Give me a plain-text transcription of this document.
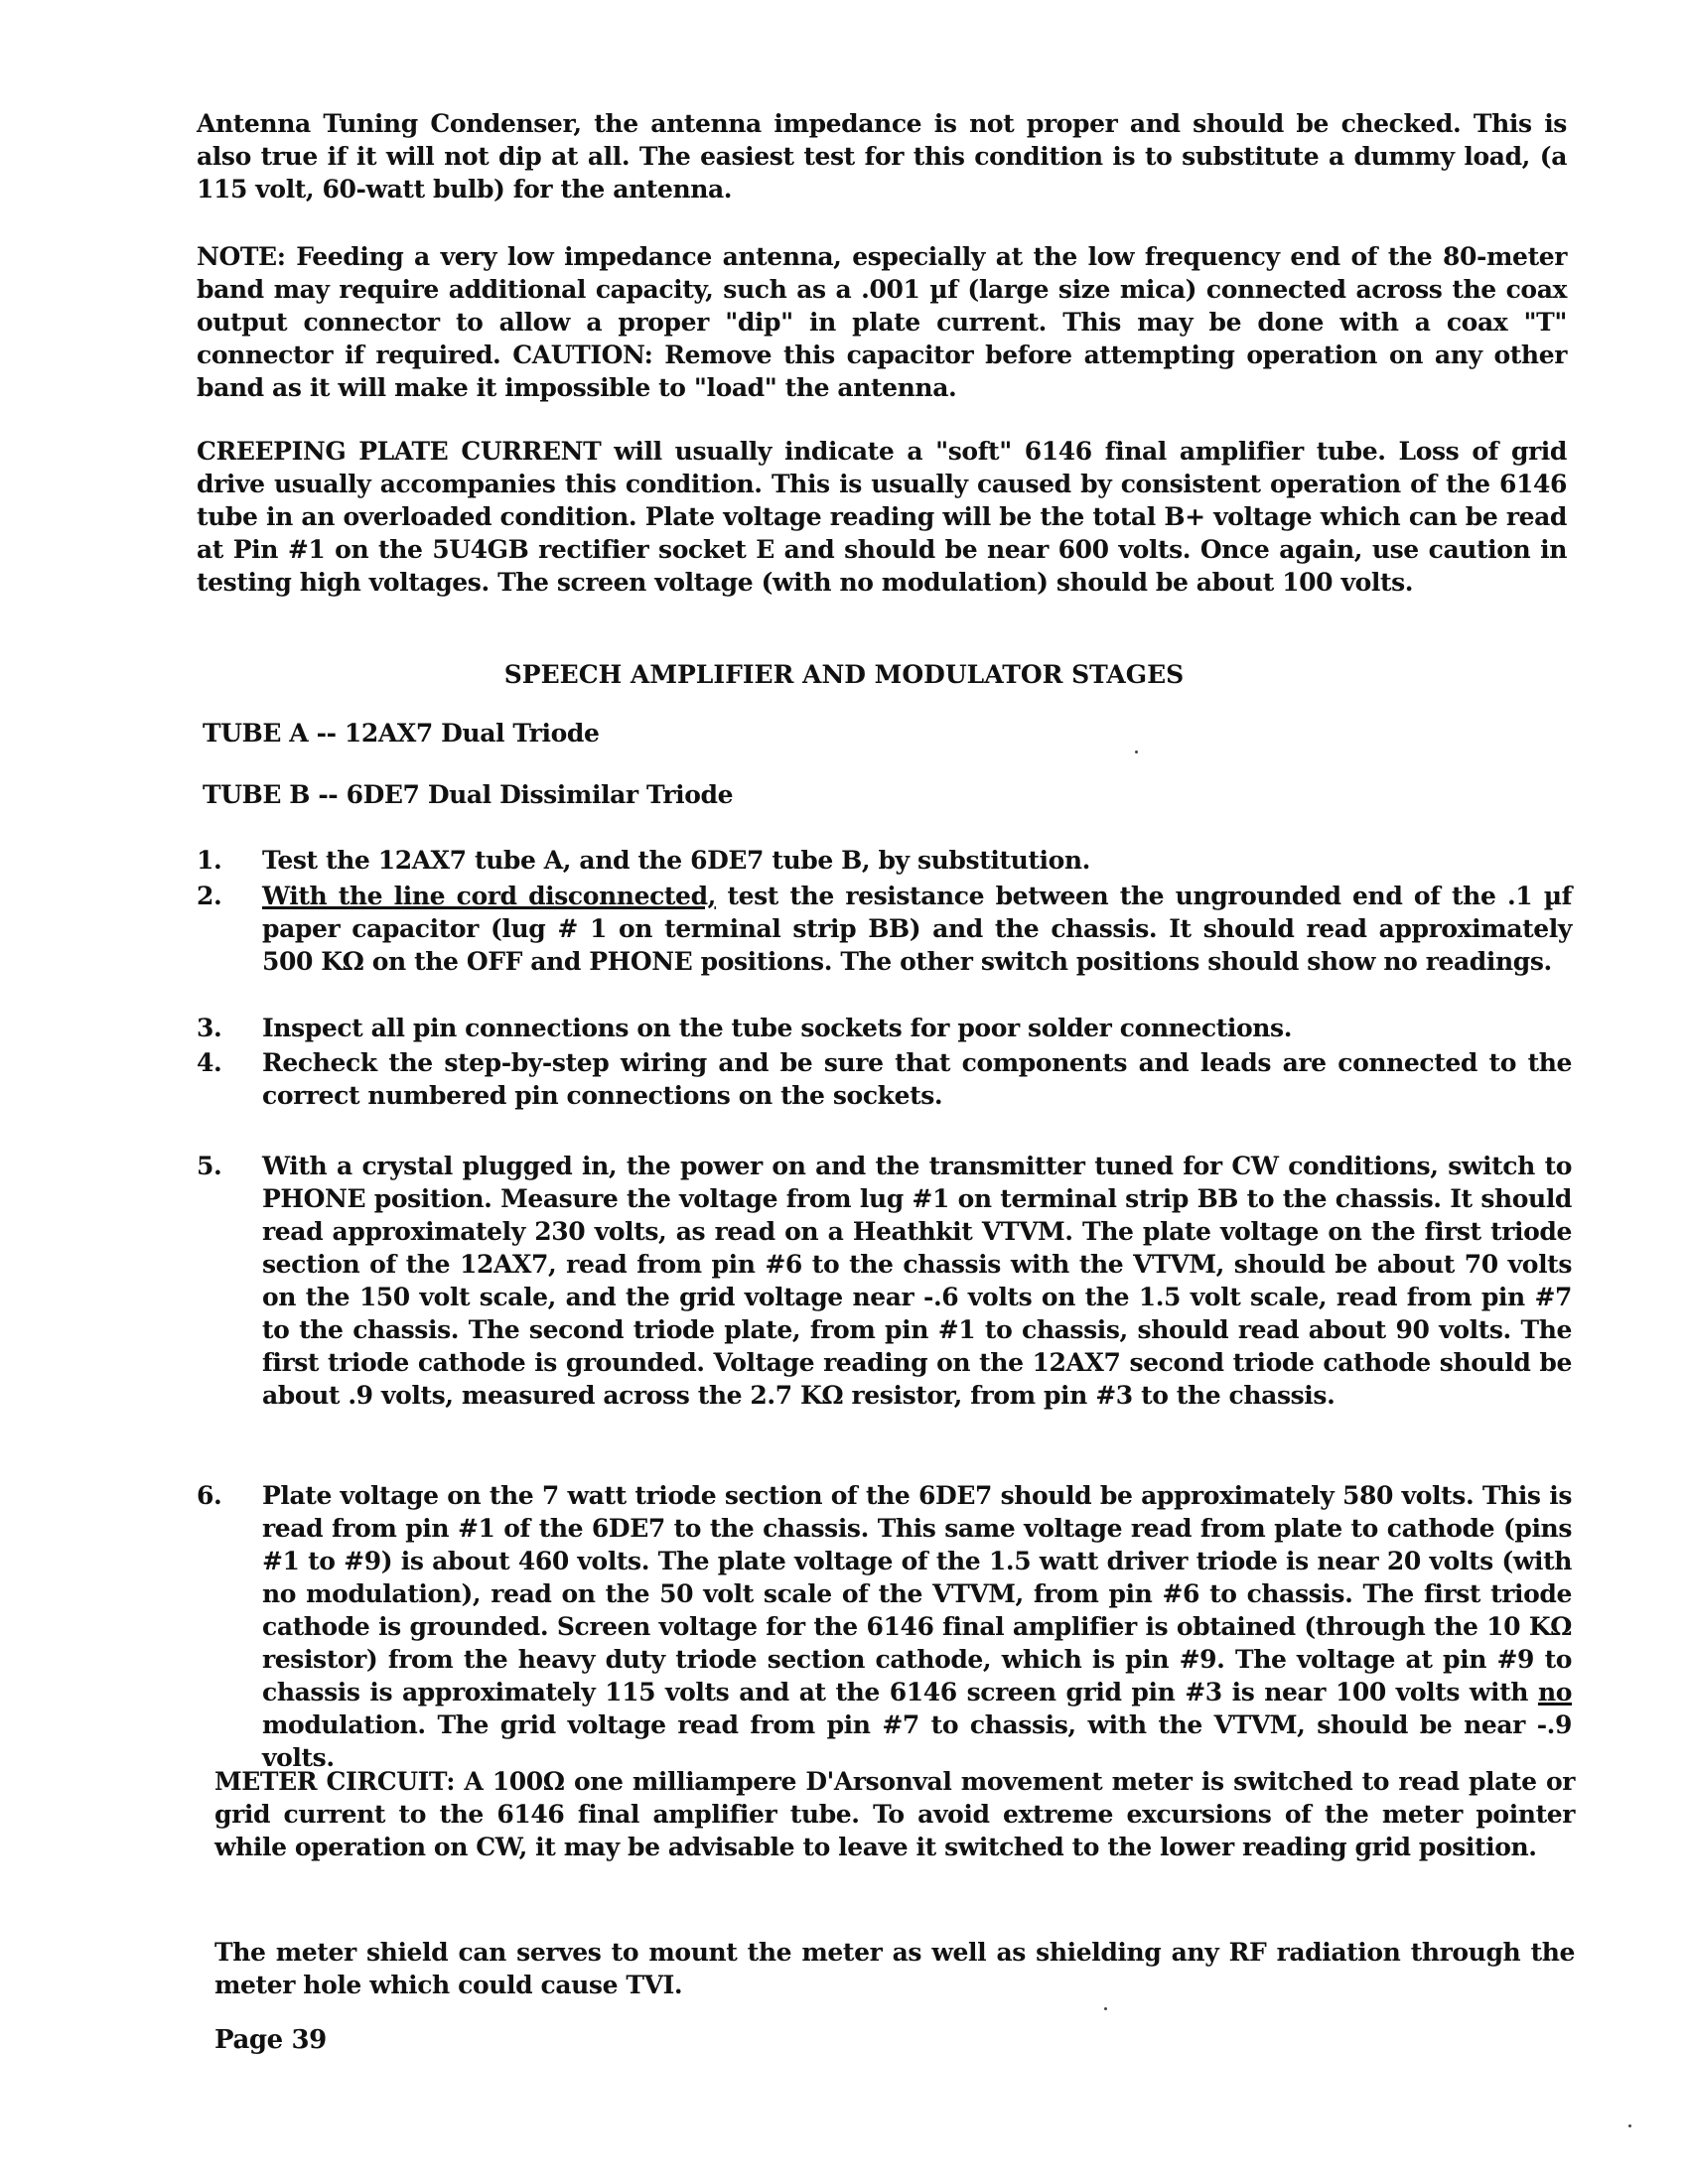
Antenna Tuning Condenser, the antenna impedance is not proper and should be checked. This is also true if it will not dip at all. The easiest test for this condition is to substitute a dummy load, (a 115 volt, 60-watt bulb) for the antenna.

NOTE: Feeding a very low impedance antenna, especially at the low frequency end of the 80-meter band may require additional capacity, such as a .001 µf (large size mica) connected across the coax output connector to allow a proper "dip" in plate current. This may be done with a coax "T" connector if required. CAUTION: Remove this capacitor before attempting operation on any other band as it will make it impossible to "load" the antenna.

CREEPING PLATE CURRENT will usually indicate a "soft" 6146 final amplifier tube. Loss of grid drive usually accompanies this condition. This is usually caused by consistent operation of the 6146 tube in an overloaded condition. Plate voltage reading will be the total B+ voltage which can be read at Pin #1 on the 5U4GB rectifier socket E and should be near 600 volts. Once again, use caution in testing high voltages. The screen voltage (with no modulation) should be about 100 volts.

SPEECH AMPLIFIER AND MODULATOR STAGES
TUBE A -- 12AX7 Dual Triode
TUBE B -- 6DE7 Dual Dissimilar Triode
1.	Test the 12AX7 tube A, and the 6DE7 tube B, by substitution.
2.	With the line cord disconnected, test the resistance between the ungrounded end of the .1 µf paper capacitor (lug # 1 on terminal strip BB) and the chassis. It should read approximately 500 KΩ on the OFF and PHONE positions. The other switch positions should show no readings.
3.	Inspect all pin connections on the tube sockets for poor solder connections.
4.	Recheck the step-by-step wiring and be sure that components and leads are connected to the correct numbered pin connections on the sockets.
5.	With a crystal plugged in, the power on and the transmitter tuned for CW conditions, switch to PHONE position. Measure the voltage from lug #1 on terminal strip BB to the chassis. It should read approximately 230 volts, as read on a Heathkit VTVM. The plate voltage on the first triode section of the 12AX7, read from pin #6 to the chassis with the VTVM, should be about 70 volts on the 150 volt scale, and the grid voltage near -.6 volts on the 1.5 volt scale, read from pin #7 to the chassis. The second triode plate, from pin #1 to chassis, should read about 90 volts. The first triode cathode is grounded. Voltage reading on the 12AX7 second triode cathode should be about .9 volts, measured across the 2.7 KΩ resistor, from pin #3 to the chassis.
6.	Plate voltage on the 7 watt triode section of the 6DE7 should be approximately 580 volts. This is read from pin #1 of the 6DE7 to the chassis. This same voltage read from plate to cathode (pins #1 to #9) is about 460 volts. The plate voltage of the 1.5 watt driver triode is near 20 volts (with no modulation), read on the 50 volt scale of the VTVM, from pin #6 to chassis. The first triode cathode is grounded. Screen voltage for the 6146 final amplifier is obtained (through the 10 KΩ resistor) from the heavy duty triode section cathode, which is pin #9. The voltage at pin #9 to chassis is approximately 115 volts and at the 6146 screen grid pin #3 is near 100 volts with no modulation. The grid voltage read from pin #7 to chassis, with the VTVM, should be near -.9 volts.

METER CIRCUIT: A 100Ω one milliampere D'Arsonval movement meter is switched to read plate or grid current to the 6146 final amplifier tube. To avoid extreme excursions of the meter pointer while operation on CW, it may be advisable to leave it switched to the lower reading grid position.

The meter shield can serves to mount the meter as well as shielding any RF radiation through the meter hole which could cause TVI.

Page 39
